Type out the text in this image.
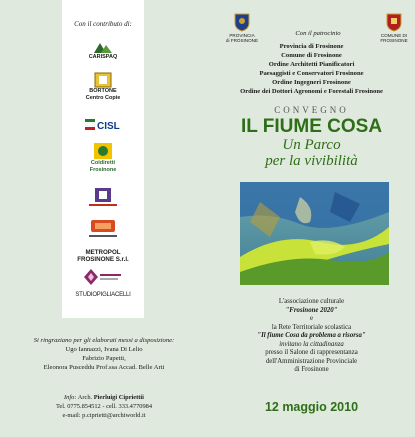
Con il contributo di:
CARISPAQ
BORTONE
Centro Copie
CISL
Coldiretti
Frosinone
METROPOL
FROSINONE S.r.l.
STUDIOPIGLIACELLI
Si ringraziano per gli elaborati messi a disposizione:
Ugo Iannazzi, Ivana Di Lelio
Fabrizio Papetti,
Eleonora Pusceddu Prof.ssa Accad. Belle Arti
Info: Arch. Pierluigi Cipriettii
Tel. 0775.854512 - cell. 333.4770984
e-mail: p.ciprietti@archiworld.it
PROVINCIA
di FROSINONE
COMUNE DI
FROSINONE
Con il patrocinio
Provincia di Frosinone
Comune di Frosinone
Ordine Architetti Pianificatori
Paesaggisti e Conservatori Frosinone
Ordine Ingegneri Frosinone
Ordine dei Dottori Agronomi e Forestali Frosinone
CONVEGNO
IL FIUME COSA
Un Parco
per la vivibilità
L'associazione culturale
"Frosinone 2020"
e
la Rete Territoriale scolastica
"Il fiume Cosa da problema a risorsa"
invitano la cittadinanza
presso il Salone di rappresentanza
dell'Amministrazione Provinciale
di Frosinone
12 maggio 2010
